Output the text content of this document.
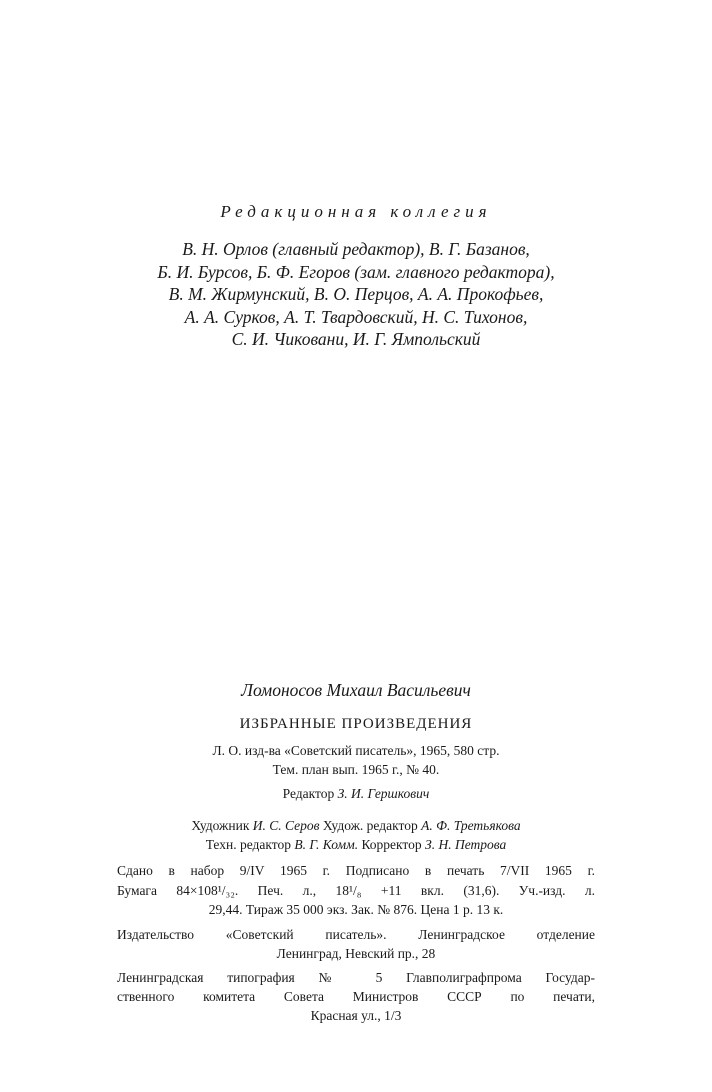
Редакционная коллегия
В. Н. Орлов (главный редактор), В. Г. Базанов,
Б. И. Бурсов, Б. Ф. Егоров (зам. главного редактора),
В. М. Жирмунский, В. О. Перцов, А. А. Прокофьев,
А. А. Сурков, А. Т. Твардовский, Н. С. Тихонов,
С. И. Чиковани, И. Г. Ямпольский
Ломоносов Михаил Васильевич
ИЗБРАННЫЕ ПРОИЗВЕДЕНИЯ
Л. О. изд-ва «Советский писатель», 1965, 580 стр.
Тем. план вып. 1965 г., № 40.
Редактор З. И. Гершкович
Художник И. С. Серов Худож. редактор А. Ф. Третьякова
Техн. редактор В. Г. Комм. Корректор З. Н. Петрова
Сдано в набор 9/IV 1965 г. Подписано в печать 7/VII 1965 г.
Бумага 84×108¹/₃₂. Печ. л., 18¹/₈ +11 вкл. (31,6). Уч.-изд. л.
29,44. Тираж 35 000 экз. Зак. № 876. Цена 1 р. 13 к.
Издательство «Советский писатель». Ленинградское отделение
Ленинград, Невский пр., 28
Ленинградская типография № 5 Главполиграфпрома Государ-
ственного комитета Совета Министров СССР по печати,
Красная ул., 1/3
